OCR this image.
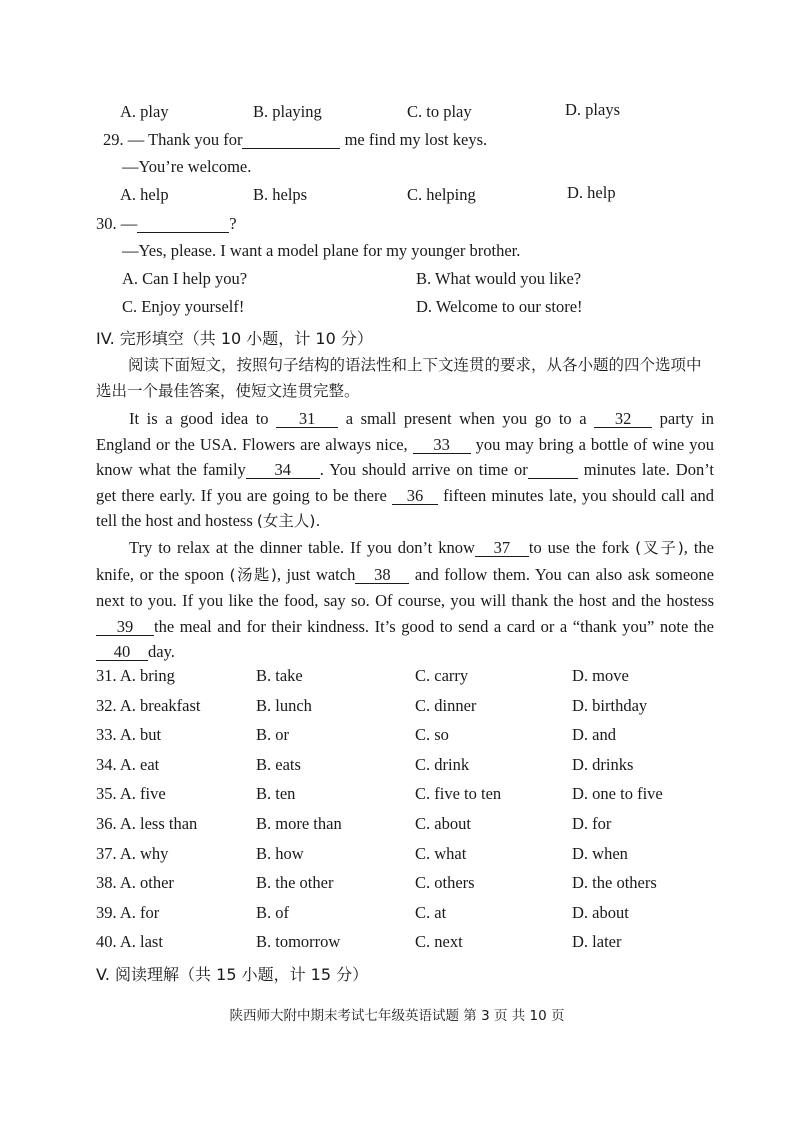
A. play	B. playing	C. to play	D. plays
29. — Thank you for	me find my lost keys.
—You’re welcome.
A. help	B. helps	C. helping	D. help
30. —	?
—Yes, please. I want a model plane for my younger brother.
A. Can I help you?	B. What would you like?
C. Enjoy yourself!	D. Welcome to our store!
IV. 完形填空（共 10 小题，计 10 分）
阅读下面短文，按照句子结构的语法性和上下文连贯的要求，从各小题的四个选项中选出一个最佳答案，使短文连贯完整。
It is a good idea to 31 a small present when you go to a 32 party in England or the USA. Flowers are always nice, 33 you may bring a bottle of wine you know what the family 34 . You should arrive on time or	minutes late. Don’t get there early. If you are going to be there 36 fifteen minutes late, you should call and tell the host and hostess (女主人).
Try to relax at the dinner table. If you don’t know 37 to use the fork (叉子), the knife, or the spoon (汤匙), just watch 38 and follow them. You can also ask someone next to you. If you like the food, say so. Of course, you will thank the host and the hostess39 the meal and for their kindness. It’s good to send a card or a “thank you” note the 40 day.
31. A. bring	B. take	C. carry	D. move
32. A. breakfast	B. lunch	C. dinner	D. birthday
33. A. but	B. or	C. so	D. and
34. A. eat	B. eats	C. drink	D. drinks
35. A. five	B. ten	C. five to ten	D. one to five
36. A. less than	B. more than	C. about	D. for
37. A. why	B. how	C. what	D. when
38. A. other	B. the other	C. others	D. the others
39. A. for	B. of	C. at	D. about
40. A. last	B. tomorrow	C. next	D. later
V. 阅读理解（共 15 小题，计 15 分）
陕西师大附中期末考试七年级英语试题 第 3 页 共 10 页
